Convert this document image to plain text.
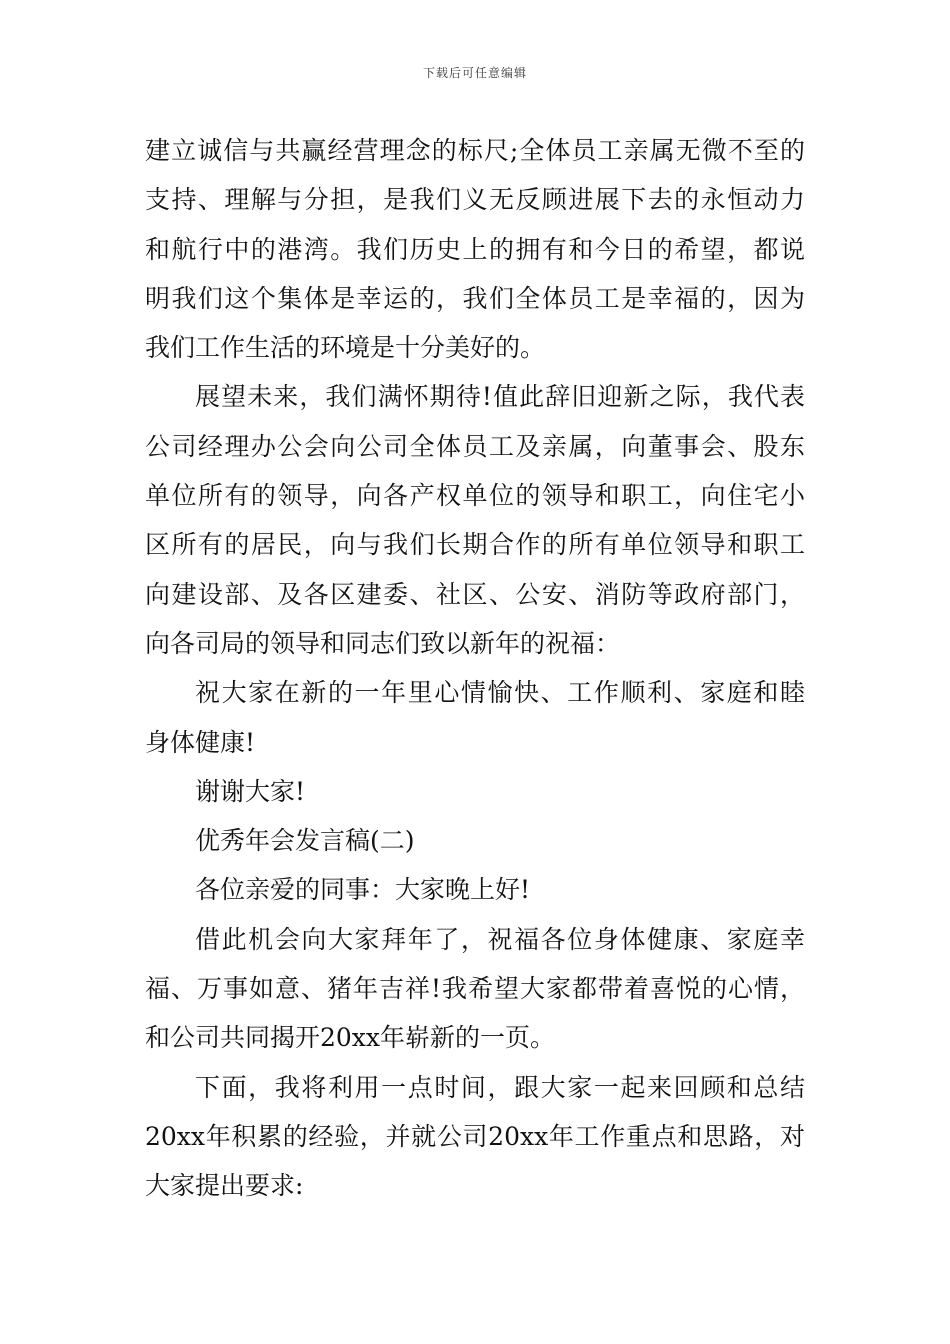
下载后可任意编辑

建立诚信与共赢经营理念的标尺;全体员工亲属无微不至的
支持、理解与分担，是我们义无反顾进展下去的永恒动力
和航行中的港湾。我们历史上的拥有和今日的希望，都说
明我们这个集体是幸运的，我们全体员工是幸福的，因为
我们工作生活的环境是十分美好的。

展望未来，我们满怀期待!值此辞旧迎新之际，我代表
公司经理办公会向公司全体员工及亲属，向董事会、股东
单位所有的领导，向各产权单位的领导和职工，向住宅小
区所有的居民，向与我们长期合作的所有单位领导和职工
向建设部、及各区建委、社区、公安、消防等政府部门，
向各司局的领导和同志们致以新年的祝福：

祝大家在新的一年里心情愉快、工作顺利、家庭和睦
身体健康!

谢谢大家!

优秀年会发言稿(二)

各位亲爱的同事：大家晚上好!

借此机会向大家拜年了，祝福各位身体健康、家庭幸
福、万事如意、猪年吉祥!我希望大家都带着喜悦的心情，
和公司共同揭开20xx年崭新的一页。

下面，我将利用一点时间，跟大家一起来回顾和总结
20xx年积累的经验，并就公司20xx年工作重点和思路，对
大家提出要求:
